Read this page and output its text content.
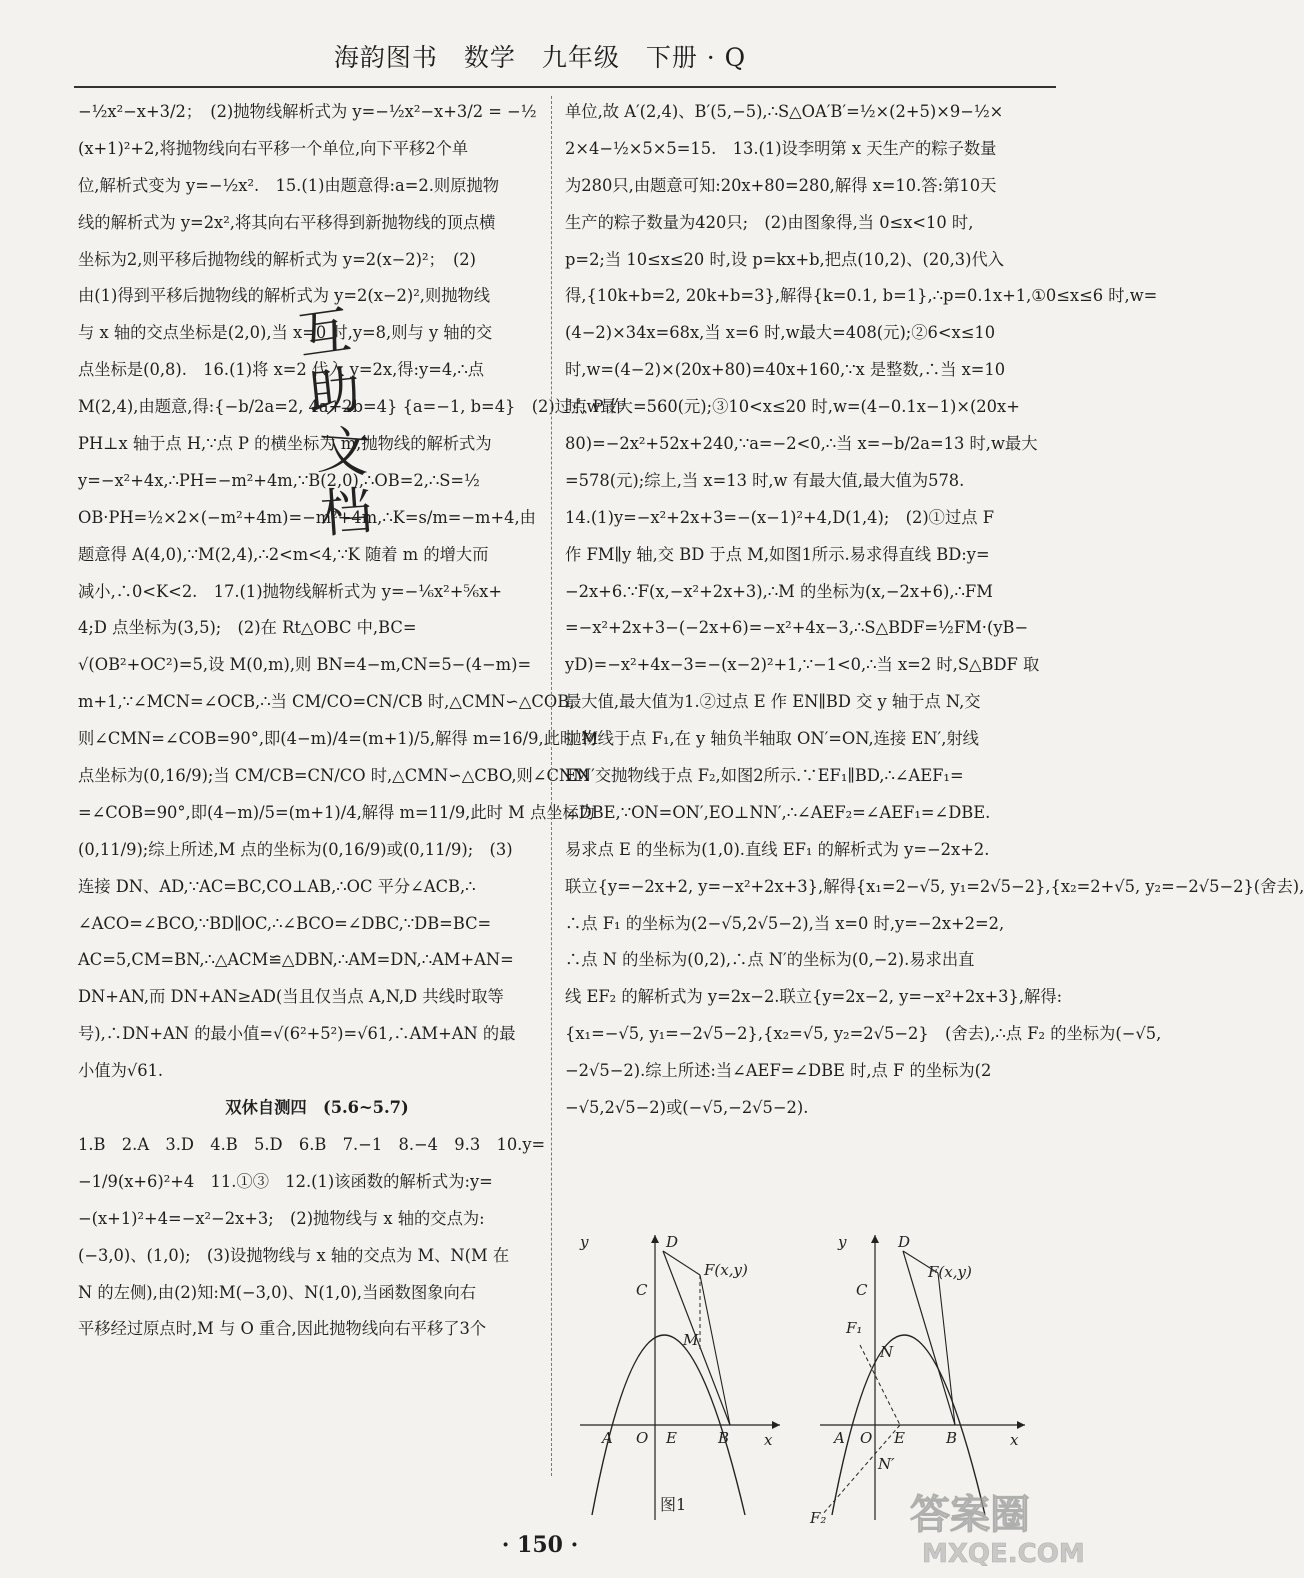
海韵图书　数学　九年级　下册 · Q
−½x²−x+3/2；　(2)抛物线解析式为 y=−½x²−x+3/2 = −½
(x+1)²+2,将抛物线向右平移一个单位,向下平移2个单
位,解析式变为 y=−½x².　15.(1)由题意得:a=2.则原抛物
线的解析式为 y=2x²,将其向右平移得到新抛物线的顶点横
坐标为2,则平移后抛物线的解析式为 y=2(x−2)²；　(2)
由(1)得到平移后抛物线的解析式为 y=2(x−2)²,则抛物线
与 x 轴的交点坐标是(2,0),当 x=0 时,y=8,则与 y 轴的交
点坐标是(0,8).　16.(1)将 x=2 代入 y=2x,得:y=4,∴点
M(2,4),由题意,得:{−b/2a=2, 4a+2b=4} {a=−1, b=4}　(2)过点 P 作
PH⊥x 轴于点 H,∵点 P 的横坐标为 m,抛物线的解析式为
y=−x²+4x,∴PH=−m²+4m,∵B(2,0),∴OB=2,∴S=½
OB·PH=½×2×(−m²+4m)=−m²+4m,∴K=s/m=−m+4,由
题意得 A(4,0),∵M(2,4),∴2<m<4,∵K 随着 m 的增大而
减小,∴0<K<2.　17.(1)抛物线解析式为 y=−⅙x²+⅚x+
4;D 点坐标为(3,5);　(2)在 Rt△OBC 中,BC=
√(OB²+OC²)=5,设 M(0,m),则 BN=4−m,CN=5−(4−m)=
m+1,∵∠MCN=∠OCB,∴当 CM/CO=CN/CB 时,△CMN∽△COB,
则∠CMN=∠COB=90°,即(4−m)/4=(m+1)/5,解得 m=16/9,此时 M
点坐标为(0,16/9);当 CM/CB=CN/CO 时,△CMN∽△CBO,则∠CNM
=∠COB=90°,即(4−m)/5=(m+1)/4,解得 m=11/9,此时 M 点坐标为
(0,11/9);综上所述,M 点的坐标为(0,16/9)或(0,11/9);　(3)
连接 DN、AD,∵AC=BC,CO⊥AB,∴OC 平分∠ACB,∴
∠ACO=∠BCO,∵BD∥OC,∴∠BCO=∠DBC,∵DB=BC=
AC=5,CM=BN,∴△ACM≌△DBN,∴AM=DN,∴AM+AN=
DN+AN,而 DN+AN≥AD(当且仅当点 A,N,D 共线时取等
号),∴DN+AN 的最小值=√(6²+5²)=√61,∴AM+AN 的最
小值为√61.
双休自测四　(5.6~5.7)
1.B　2.A　3.D　4.B　5.D　6.B　7.−1　8.−4　9.3　10.y=
−1/9(x+6)²+4　11.①③　12.(1)该函数的解析式为:y=
−(x+1)²+4=−x²−2x+3;　(2)抛物线与 x 轴的交点为:
(−3,0)、(1,0);　(3)设抛物线与 x 轴的交点为 M、N(M 在
N 的左侧),由(2)知:M(−3,0)、N(1,0),当函数图象向右
平移经过原点时,M 与 O 重合,因此抛物线向右平移了3个
单位,故 A′(2,4)、B′(5,−5),∴S△OA′B′=½×(2+5)×9−½×
2×4−½×5×5=15.　13.(1)设李明第 x 天生产的粽子数量
为280只,由题意可知:20x+80=280,解得 x=10.答:第10天
生产的粽子数量为420只;　(2)由图象得,当 0≤x<10 时,
p=2;当 10≤x≤20 时,设 p=kx+b,把点(10,2)、(20,3)代入
得,{10k+b=2, 20k+b=3},解得{k=0.1, b=1},∴p=0.1x+1,①0≤x≤6 时,w=
(4−2)×34x=68x,当 x=6 时,w最大=408(元);②6<x≤10
时,w=(4−2)×(20x+80)=40x+160,∵x 是整数,∴当 x=10
时,w最大=560(元);③10<x≤20 时,w=(4−0.1x−1)×(20x+
80)=−2x²+52x+240,∵a=−2<0,∴当 x=−b/2a=13 时,w最大
=578(元);综上,当 x=13 时,w 有最大值,最大值为578.
14.(1)y=−x²+2x+3=−(x−1)²+4,D(1,4);　(2)①过点 F
作 FM∥y 轴,交 BD 于点 M,如图1所示.易求得直线 BD:y=
−2x+6.∵F(x,−x²+2x+3),∴M 的坐标为(x,−2x+6),∴FM
=−x²+2x+3−(−2x+6)=−x²+4x−3,∴S△BDF=½FM·(yB−
yD)=−x²+4x−3=−(x−2)²+1,∵−1<0,∴当 x=2 时,S△BDF 取
最大值,最大值为1.②过点 E 作 EN∥BD 交 y 轴于点 N,交
抛物线于点 F₁,在 y 轴负半轴取 ON′=ON,连接 EN′,射线
EN′交抛物线于点 F₂,如图2所示.∵EF₁∥BD,∴∠AEF₁=
∠DBE,∵ON=ON′,EO⊥NN′,∴∠AEF₂=∠AEF₁=∠DBE.
易求点 E 的坐标为(1,0).直线 EF₁ 的解析式为 y=−2x+2.
联立{y=−2x+2, y=−x²+2x+3},解得{x₁=2−√5, y₁=2√5−2},{x₂=2+√5, y₂=−2√5−2}(舍去),
∴点 F₁ 的坐标为(2−√5,2√5−2),当 x=0 时,y=−2x+2=2,
∴点 N 的坐标为(0,2),∴点 N′的坐标为(0,−2).易求出直
线 EF₂ 的解析式为 y=2x−2.联立{y=2x−2, y=−x²+2x+3},解得:
{x₁=−√5, y₁=−2√5−2},{x₂=√5, y₂=2√5−2}　(舍去),∴点 F₂ 的坐标为(−√5,
−2√5−2).综上所述:当∠AEF=∠DBE 时,点 F 的坐标为(2
−√5,2√5−2)或(−√5,−2√5−2).
y
x
D
C
F(x,y)
M
A O E	B
图1
y
x
D
C
F(x,y)
F₁
N
A O E	B
N′
F₂
互
助
文
档
· 150 ·
答案圈
MXQE.COM
